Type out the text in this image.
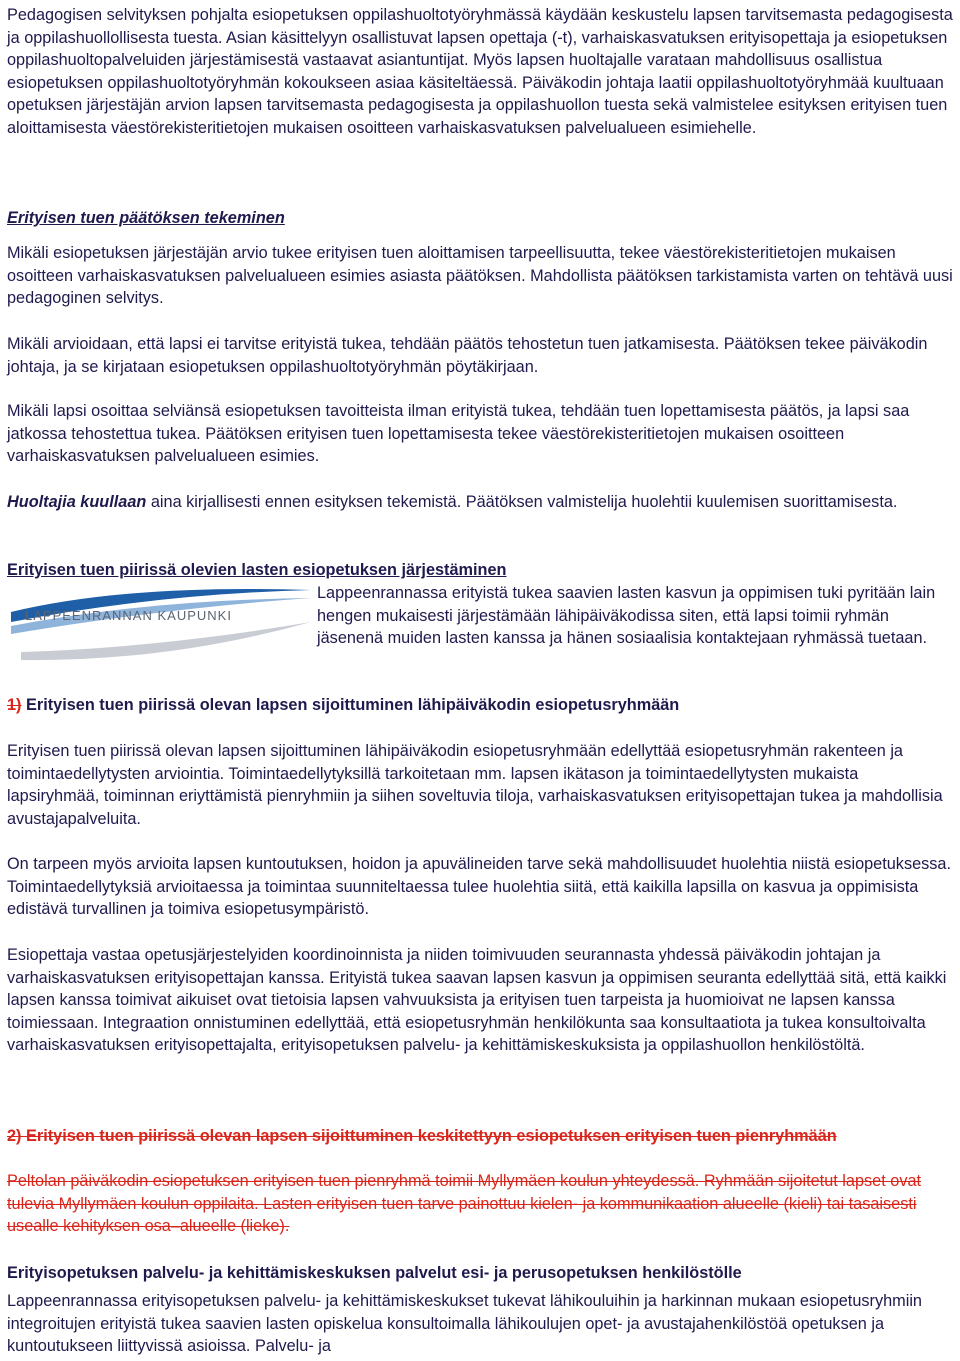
Pedagogisen selvityksen pohjalta esiopetuksen oppilashuoltotyöryhmässä käydään keskustelu lapsen tarvitsemasta pedagogisesta ja oppilashuollollisesta tuesta. Asian käsittelyyn osallistuvat lapsen opettaja (-t), varhaiskasvatuksen erityisopettaja ja esiopetuksen oppilashuoltopalveluiden järjestämisestä vastaavat asiantuntijat. Myös lapsen huoltajalle varataan mahdollisuus osallistua esiopetuksen oppilashuoltotyöryhmän kokoukseen asiaa käsiteltäessä. Päiväkodin johtaja laatii oppilashuoltotyöryhmää kuultuaan opetuksen järjestäjän arvion lapsen tarvitsemasta pedagogisesta ja oppilashuollon tuesta sekä valmistelee esityksen erityisen tuen aloittamisesta väestörekisteritietojen mukaisen osoitteen varhaiskasvatuksen palvelualueen esimiehelle.

Erityisen tuen päätöksen tekeminen

Mikäli esiopetuksen järjestäjän arvio tukee erityisen tuen aloittamisen tarpeellisuutta, tekee väestörekisteritietojen mukaisen osoitteen varhaiskasvatuksen palvelualueen esimies asiasta päätöksen. Mahdollista päätöksen tarkistamista varten on tehtävä uusi pedagoginen selvitys.

Mikäli arvioidaan, että lapsi ei tarvitse erityistä tukea, tehdään päätös tehostetun tuen jatkamisesta. Päätöksen tekee päiväkodin johtaja, ja se kirjataan esiopetuksen oppilashuoltotyöryhmän pöytäkirjaan.

Mikäli lapsi osoittaa selviänsä esiopetuksen tavoitteista ilman erityistä tukea, tehdään tuen lopettamisesta päätös, ja lapsi saa jatkossa tehostettua tukea. Päätöksen erityisen tuen lopettamisesta tekee väestörekisteritietojen mukaisen osoitteen varhaiskasvatuksen palvelualueen esimies.

Huoltajia kuullaan aina kirjallisesti ennen esityksen tekemistä. Päätöksen valmistelija huolehtii kuulemisen suorittamisesta.

Erityisen tuen piirissä olevien lasten esiopetuksen järjestäminen

LAPPEENRANNAN KAUPUNKI

Lappeenrannassa erityistä tukea saavien lasten kasvun ja oppimisen tuki pyritään lain hengen mukaisesti järjestämään lähipäiväkodissa siten, että lapsi toimii ryhmän jäsenenä muiden lasten kanssa ja hänen sosiaalisia kontaktejaan ryhmässä tuetaan.

1) Erityisen tuen piirissä olevan lapsen sijoittuminen lähipäiväkodin esiopetusryhmään

Erityisen tuen piirissä olevan lapsen sijoittuminen lähipäiväkodin esiopetusryhmään edellyttää esiopetusryhmän rakenteen ja toimintaedellytysten arviointia. Toimintaedellytyksillä tarkoitetaan mm. lapsen ikätason ja toimintaedellytysten mukaista lapsiryhmää, toiminnan eriyttämistä pienryhmiin ja siihen soveltuvia tiloja, varhaiskasvatuksen erityisopettajan tukea ja mahdollisia avustajapalveluita.

On tarpeen myös arvioita lapsen kuntoutuksen, hoidon ja apuvälineiden tarve sekä mahdollisuudet huolehtia niistä esiopetuksessa. Toimintaedellytyksiä arvioitaessa ja toimintaa suunniteltaessa tulee huolehtia siitä, että kaikilla lapsilla on kasvua ja oppimisista edistävä turvallinen ja toimiva esiopetusympäristö.

Esiopettaja vastaa opetusjärjestelyiden koordinoinnista ja niiden toimivuuden seurannasta yhdessä päiväkodin johtajan ja varhaiskasvatuksen erityisopettajan kanssa. Erityistä tukea saavan lapsen kasvun ja oppimisen seuranta edellyttää sitä, että kaikki lapsen kanssa toimivat aikuiset ovat tietoisia lapsen vahvuuksista ja erityisen tuen tarpeista ja huomioivat ne lapsen kanssa toimiessaan. Integraation onnistuminen edellyttää, että esiopetusryhmän henkilökunta saa konsultaatiota ja tukea konsultoivalta varhaiskasvatuksen erityisopettajalta, erityisopetuksen palvelu- ja kehittämiskeskuksista ja oppilashuollon henkilöstöltä.

2) Erityisen tuen piirissä olevan lapsen sijoittuminen keskitettyyn esiopetuksen erityisen tuen pienryhmään

Peltolan päiväkodin esiopetuksen erityisen tuen pienryhmä toimii Myllymäen koulun yhteydessä. Ryhmään sijoitetut lapset ovat tulevia Myllymäen koulun oppilaita. Lasten erityisen tuen tarve painottuu kielen- ja kommunikaation alueelle (kieli) tai tasaisesti usealle kehityksen osa–alueelle (lieke).

Erityisopetuksen palvelu- ja kehittämiskeskuksen palvelut esi- ja perusopetuksen henkilöstölle

Lappeenrannassa erityisopetuksen palvelu- ja kehittämiskeskukset tukevat lähikouluihin ja harkinnan mukaan esiopetusryhmiin integroitujen erityistä tukea saavien lasten opiskelua konsultoimalla lähikoulujen opet- ja avustajahenkilöstöä opetuksen ja kuntoutukseen liittyvissä asioissa. Palvelu- ja
